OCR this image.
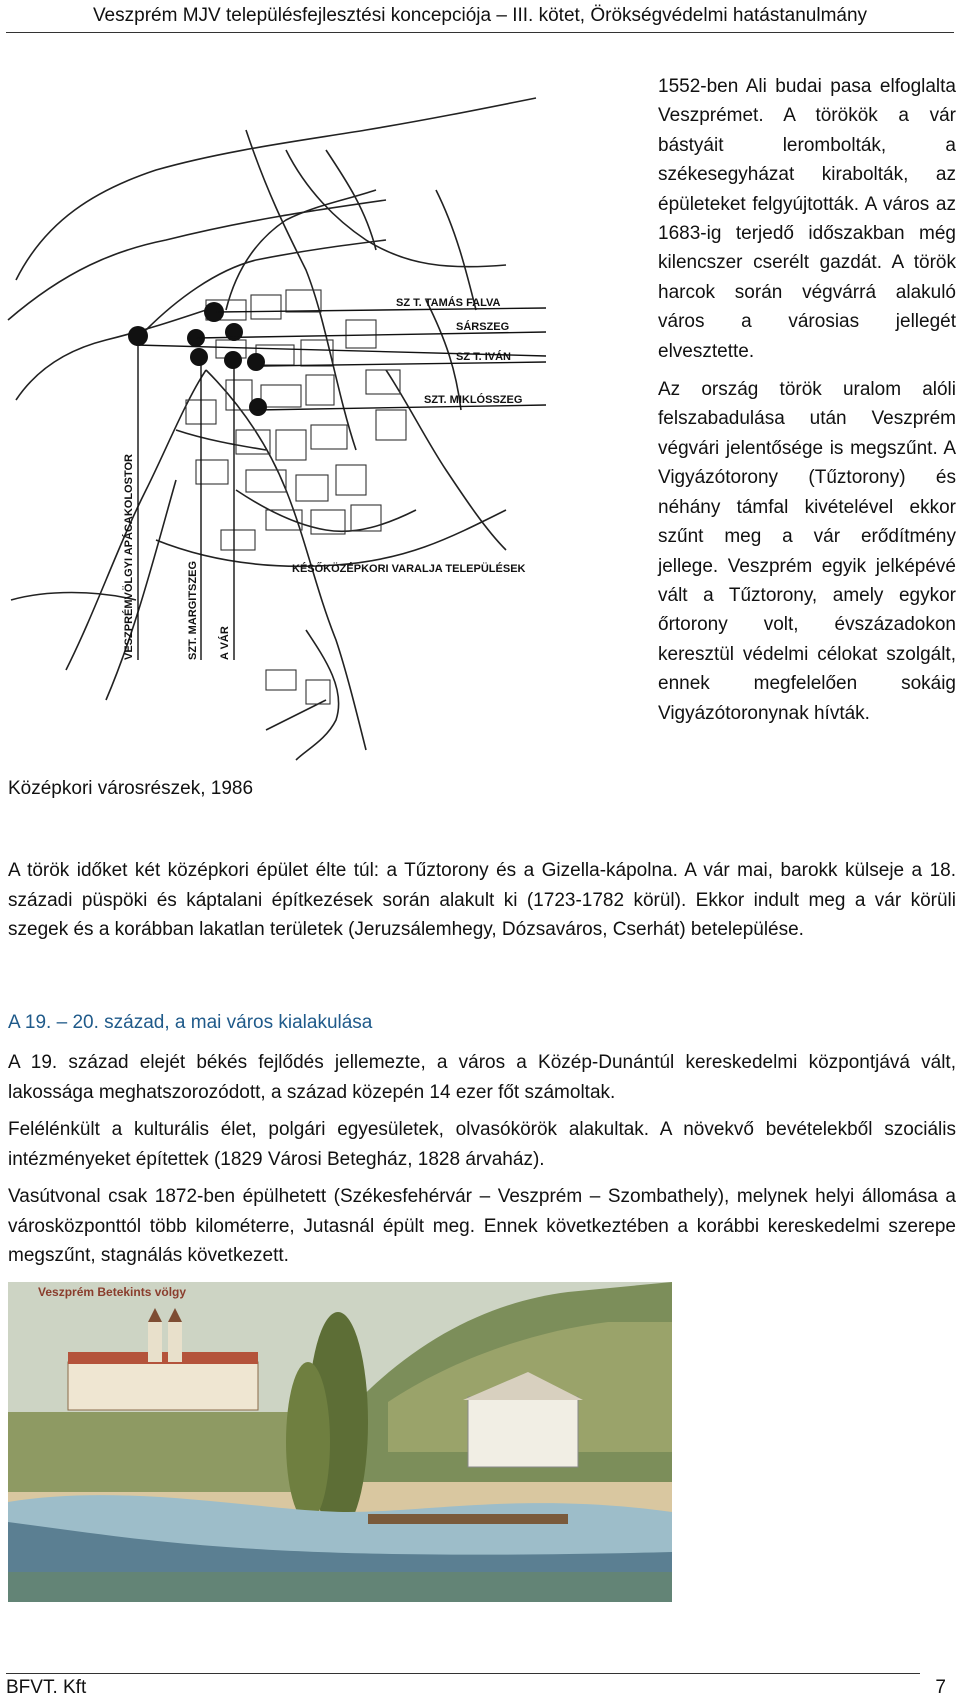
Veszprém MJV településfejlesztési koncepciója – III. kötet, Örökségvédelmi hatástanulmány
SZ T. TAMÁS FALVA
SÁRSZEG
SZ T. IVÁN
SZT. MIKLÓSSZEG
KÉSŐKÖZÉPKORI VARALJA TELEPÜLÉSEK
VESZPRÉMVÖLGYI APÁCAKOLOSTOR	SZT. MARGITSZEG A VÁR
Középkori városrészek, 1986

1552-ben Ali budai pasa elfoglalta Veszprémet. A törökök a vár bástyáit lerombolták, a székesegyházat kirabolták, az épületeket felgyújtották. A város az 1683-ig terjedő időszakban még kilencszer cserélt gazdát. A török harcok során végvárrá alakuló város a városias jellegét elvesztette.

Az ország török uralom alóli felszabadulása után Veszprém végvári jelentősége is megszűnt. A Vigyázótorony (Tűztorony) és néhány támfal kivételével ekkor szűnt meg a vár erődítmény jellege. Veszprém egyik jelképévé vált a Tűztorony, amely egykor őrtorony volt, évszázadokon keresztül védelmi célokat szolgált, ennek megfelelően sokáig Vigyázótoronynak hívták.

A török időket két középkori épület élte túl: a Tűztorony és a Gizella-kápolna. A vár mai, barokk külseje a 18. századi püspöki és káptalani építkezések során alakult ki (1723-1782 körül). Ekkor indult meg a vár körüli szegek és a korábban lakatlan területek (Jeruzsálemhegy, Dózsaváros, Cserhát) betelepülése.

A 19. – 20. század, a mai város kialakulása

A 19. század elejét békés fejlődés jellemezte, a város a Közép-Dunántúl kereskedelmi központjává vált, lakossága meghatszorozódott, a század közepén 14 ezer főt számoltak.

Felélénkült a kulturális élet, polgári egyesületek, olvasókörök alakultak. A növekvő bevételekből szociális intézményeket építettek (1829 Városi Betegház, 1828 árvaház).

Vasútvonal csak 1872-ben épülhetett (Székesfehérvár – Veszprém – Szombathely), melynek helyi állomása a városközponttól több kilométerre, Jutasnál épült meg. Ennek következtében a korábbi kereskedelmi szerepe megszűnt, stagnálás következett.

Veszprém Betekints völgy
BFVT. Kft	7
